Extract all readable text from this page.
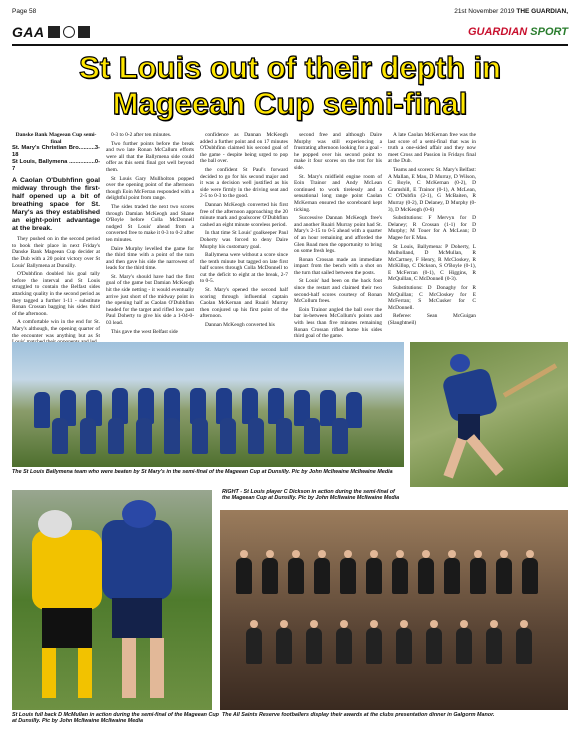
Page 58	21st November 2019 THE GUARDIAN,
GAA	GUARDIAN SPORT
St Louis out of their depth in
Mageean Cup semi-final
Danske Bank Mageean Cup semi-final
St. Mary's Christian Bro..........3-18
St Louis, Ballymena ................0-7
A Caolan O'Dubhfinn goal midway through the first-half opened up a bit of breathing space for St. Mary's as they established an eight-point advantage at the break.

They pushed on in the second period to book their place in next Friday's Danske Bank Mageean Cup decider at the Dub with a 20 point victory over St Louis' Ballymena at Dunsilly.

O'Dubhfinn doubled his goal tally before the interval and St Louis struggled to contain the Belfast sides attacking quality in the second period as they tagged a further 1-11 - substitute Ronan Crossan bagging his sides third of the afternoon.

A comfortable win in the end for St. Mary's although, the opening quarter of the encounter was anything but as St

0-3 to 0-2 after ten minutes.

Two further points before the break and two late Ronan McCallum efforts were all that the Ballymena side could offer as this semi final got well beyond them.

St Louis Gary Mullholton popped over the opening point of the afternoon though Eoin McFerran responded with a delightful point from range.

The sides traded the next two scores through Damian McKeogh and Shane O'Boyle before Colla McDonnell nudged St Louis' ahead from a converted free to make it 0-3 to 0-2 after ten minutes.

Daire Murphy levelled the game for the third time with a point of the turn and then gave his side the narrowest of leads for the third time.

St. Mary's should have had the first goal of the game but Damian McKeogh hit the side netting - it would eventually arrive just short of the midway point in the opening half as Caolan O'Dubhfinn headed for the target and rifled low past Paul Doherty to give his side a 1-04-0-03 lead.

This gave the west Belfast side

confidence as Dannan McKeogh added a further point and on 17 minutes O'Dubhfinn claimed his second goal of the game - despite being urged to pop the ball over.

the confident St Paul's forward decided to go for his second major and it was a decision well justified as his side were firmly in the driving seat and 2-5 to 0-3 to the good.

Dannan McKeogh converted his first free of the afternoon approaching the 20 minute mark and goalscorer O'Dubhfinn cashed an eight minute scoreless period.

In that time St Louis' goalkeeper Paul Doherty was forced to deny Daire Murphy his customary goal.

Ballymena were without a score since the tenth minute but tagged on late first half scores through Colla McDonnell to cut the deficit to eight at the break, 2-7 to 0-5.

St. Mary's opened the second half scoring through influential captain Caolan McKernan and Ruairi Murray then conjured up his first point of the afternoon.

Dannan McKeogh converted his

second free and although Daire Murphy was still experiencing a frustrating afternoon looking for a goal - he popped over his second point to make it four scores on the trot for his side.

St. Mary's midfield engine room of Eoin Trainor and Andy McLean continued to work tirelessly and a sensational long range point Caolan McKernan ensured the scoreboard kept ticking.

Successive Dannan McKeogh free's and another Ruairi Murray point had St. Mary's 2-15 to 0-5 ahead with a quarter of an hour remaining and afforded the Glen Road men the opportunity to bring on some fresh legs.

Ronan Crossan made an immediate impact from the bench with a shot on the turn that sailed between the posts.

St Louis' had been on the back foot since the restart and claimed their two second-half scores courtesy of Ronan McCollum frees.

Eoin Trainor angled the ball over the bar in-between McCollum's points and with less than five minutes remaining Ronan Crossan rifled home his sides third goal of the game.

A late Caolan McKernan free was the last score of a semi-final that was in truth a one-sided affair and they now meet Cross and Passion in Fridays final at the Dub.

Teams and scorers: St. Mary's Belfast: A Mallan, E Mau, D Murray, D Wilson, C Boyle, C McKernan (0-2), D Gramshill, E Trainor (0-1), A McLean, C O'Dubfin (2-1), G McBaiten, R Murray (0-2), D Delaney, D Murphy (0-3), D McKeogh (0-6)

Substitutions: F Mervyn for D Delaney; R Crossan (1-1) for D Murphy; M Touer for A McLean; D Magee for E Mau.

St Louis, Ballymena: P Doherty, L Mulholland, D McMullan, R McCartney, F Henry, R McCloskey, R McKillop, C Dickson, S O'Boyle (0-1), E McFerran (0-1), C Higgins, R McQuillan, C McDonnell (0-3).

Substitutions: D Donaghy for R McQuillan; C McCloskey for E McFerran; S McCusker for C McDonnell.

Referee: Sean McGuigan (Slaughtneil)

The St Louis Ballymena team who were beaten by St Mary's in the semi-final of the Mageean Cup at Dunsilly. Pic by John McIlwaine McIlwaine Media
RIGHT - St Louis player C Dickson in action during the semi-final of the Mageean Cup at Dunsilly. Pic by John McIlwaine McIlwaine Media
St Louis full back D McMullan in action during the semi-final of the Mageean Cup at Dunsilly. Pic by John McIlwaine McIlwaine Media
The All Saints Reserve footballers display their awards at the clubs presentation dinner in Galgorm Manor.
